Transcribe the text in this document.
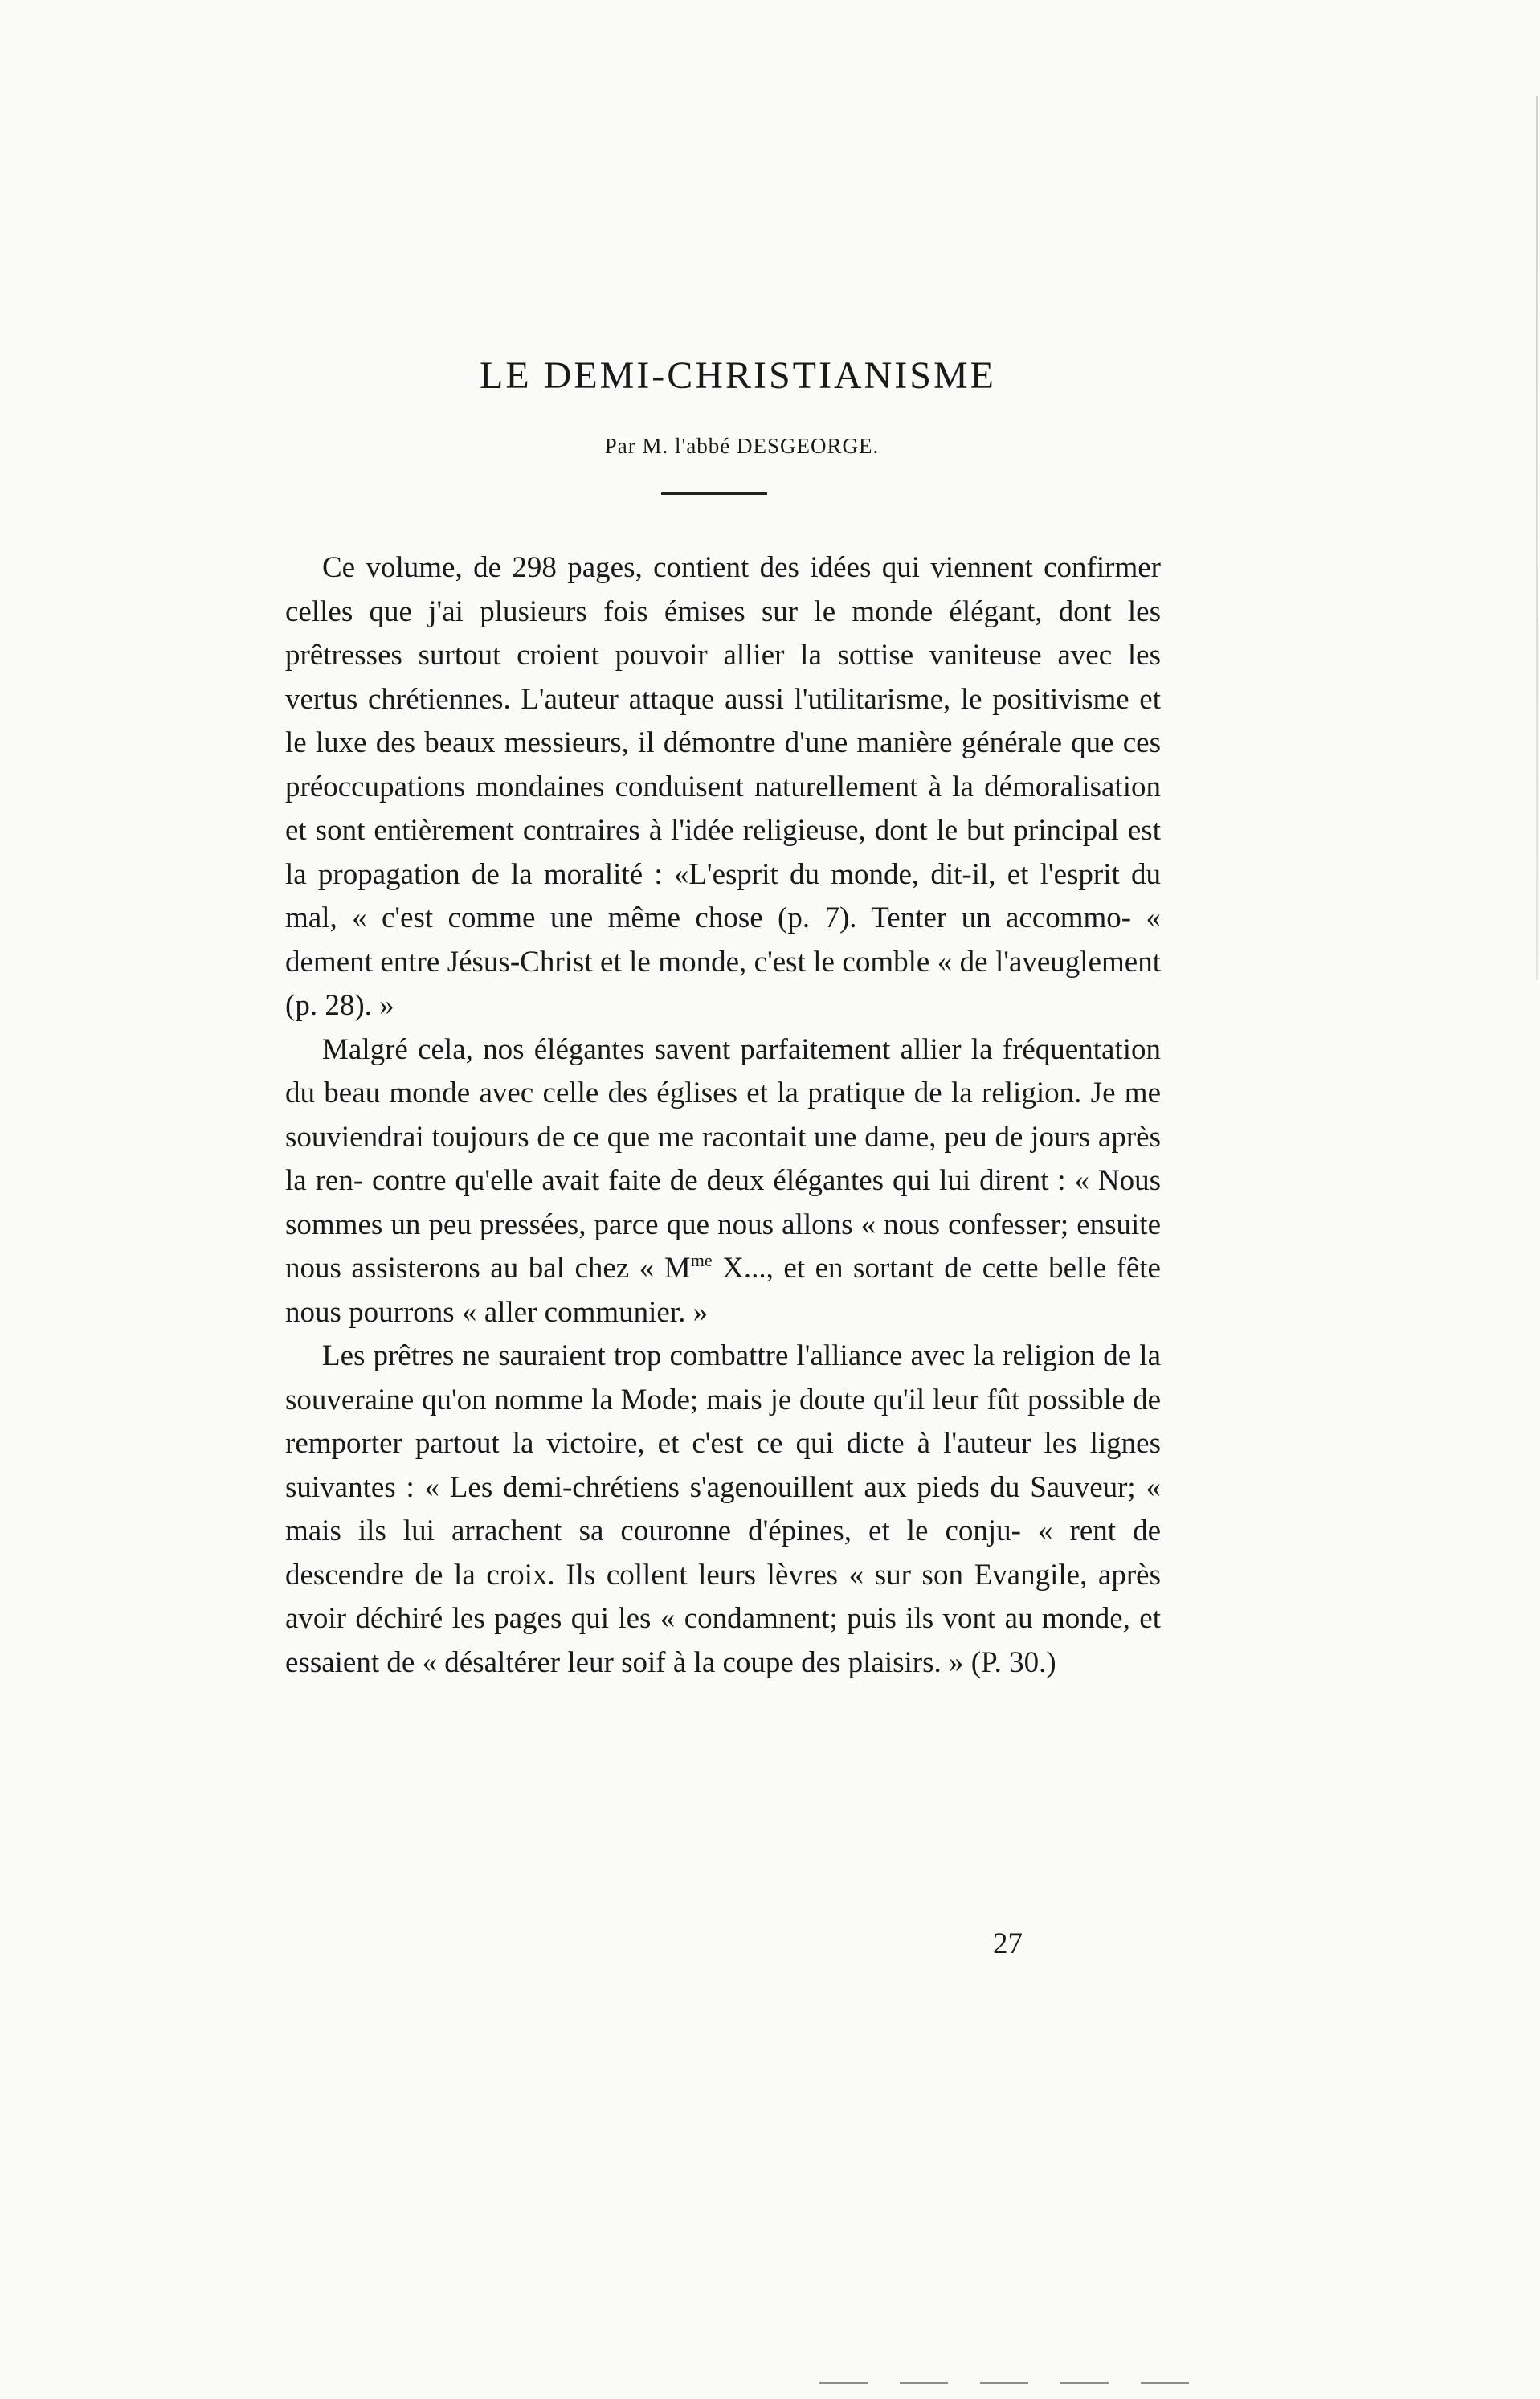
LE DEMI-CHRISTIANISME
Par M. l'abbé DESGEORGE.

Ce volume, de 298 pages, contient des idées qui viennent confirmer celles que j'ai plusieurs fois émises sur le monde élégant, dont les prêtresses surtout croient pouvoir allier la sottise vaniteuse avec les vertus chrétiennes. L'auteur attaque aussi l'utilitarisme, le positivisme et le luxe des beaux messieurs, il démontre d'une manière générale que ces préoccupations mondaines conduisent naturellement à la démoralisation et sont entièrement contraires à l'idée religieuse, dont le but principal est la propagation de la moralité : «L'esprit du monde, dit-il, et l'esprit du mal, « c'est comme une même chose (p. 7). Tenter un accommo- « dement entre Jésus-Christ et le monde, c'est le comble « de l'aveuglement (p. 28). »

Malgré cela, nos élégantes savent parfaitement allier la fréquentation du beau monde avec celle des églises et la pratique de la religion. Je me souviendrai toujours de ce que me racontait une dame, peu de jours après la ren- contre qu'elle avait faite de deux élégantes qui lui dirent : « Nous sommes un peu pressées, parce que nous allons « nous confesser; ensuite nous assisterons au bal chez « $M^{me}$ X..., et en sortant de cette belle fête nous pourrons « aller communier. »

Les prêtres ne sauraient trop combattre l'alliance avec la religion de la souveraine qu'on nomme la Mode; mais je doute qu'il leur fût possible de remporter partout la victoire, et c'est ce qui dicte à l'auteur les lignes suivantes : « Les demi-chrétiens s'agenouillent aux pieds du Sauveur; « mais ils lui arrachent sa couronne d'épines, et le conju- « rent de descendre de la croix. Ils collent leurs lèvres « sur son Evangile, après avoir déchiré les pages qui les « condamnent; puis ils vont au monde, et essaient de « désaltérer leur soif à la coupe des plaisirs. » (P. 30.)

27
